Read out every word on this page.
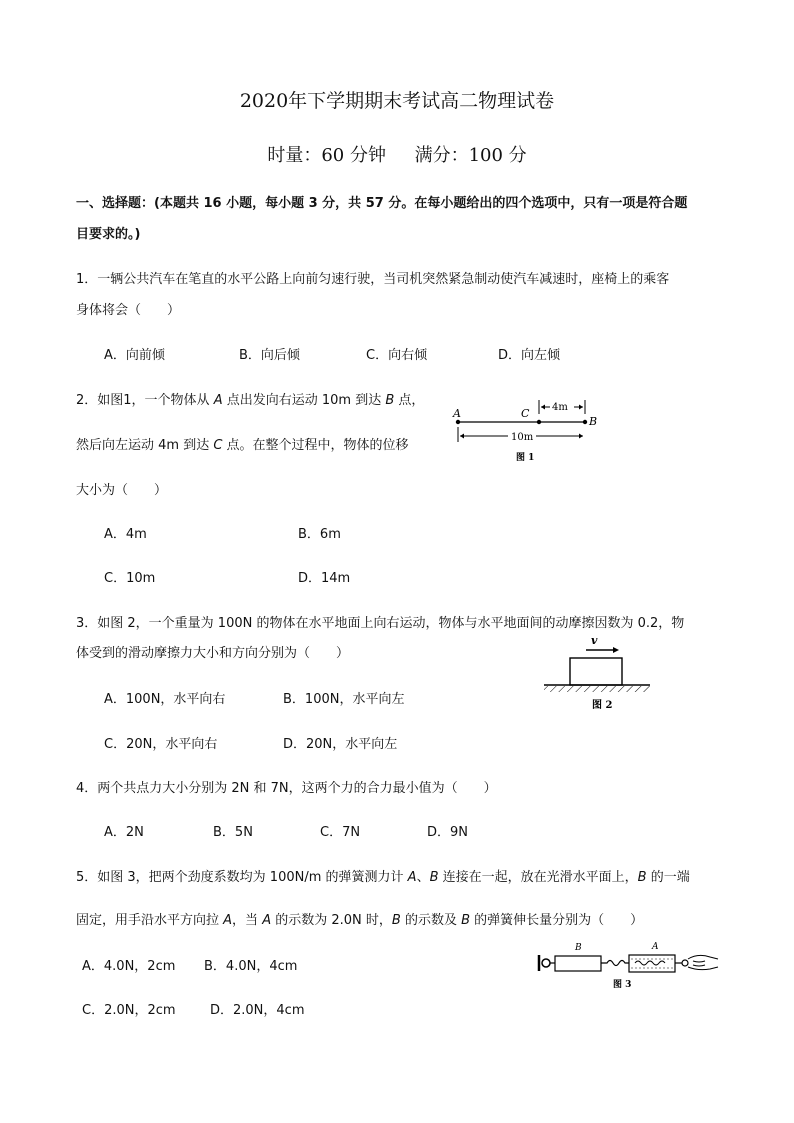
2020年下学期期末考试高二物理试卷
时量：60 分钟 满分：100 分
一、选择题：(本题共 16 小题，每小题 3 分，共 57 分。在每小题给出的四个选项中，只有一项是符合题
目要求的。)
1．一辆公共汽车在笔直的水平公路上向前匀速行驶，当司机突然紧急制动使汽车减速时，座椅上的乘客
身体将会（　　）
A．向前倾	B．向后倾	C．向右倾	D．向左倾
2．如图1，一个物体从 A 点出发向右运动 10m 到达 B 点，
然后向左运动 4m 到达 C 点。在整个过程中，物体的位移
大小为（　　）
A	C
B
4m
10m
图 1
A．4m	B．6m
C．10m	D．14m
3．如图 2，一个重量为 100N 的物体在水平地面上向右运动，物体与水平地面间的动摩擦因数为 0.2，物
体受到的滑动摩擦力大小和方向分别为（　　）
v
图 2
A．100N，水平向右	B．100N，水平向左
C．20N，水平向右	D．20N，水平向左
4．两个共点力大小分别为 2N 和 7N，这两个力的合力最小值为（　　）
A．2N	B．5N	C．7N	D．9N
5．如图 3，把两个劲度系数均为 100N/m 的弹簧测力计 A、B 连接在一起，放在光滑水平面上，B 的一端
固定，用手沿水平方向拉 A，当 A 的示数为 2.0N 时，B 的示数及 B 的弹簧伸长量分别为（　　）
B	A
图 3
A．4.0N，2cm B．4.0N，4cm
C．2.0N，2cm	D．2.0N，4cm
